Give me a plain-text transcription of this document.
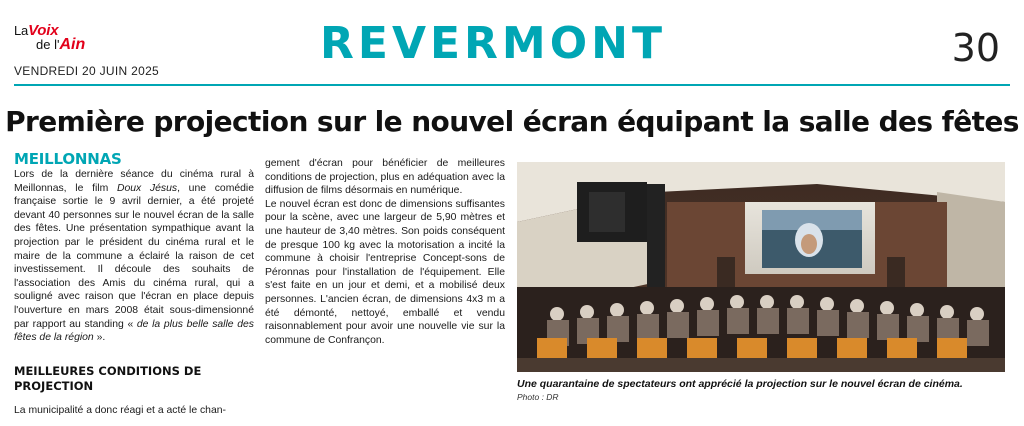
LaVoix
de l'Ain
VENDREDI 20 JUIN 2025
REVERMONT	30
Première projection sur le nouvel écran équipant la salle des fêtes
MEILLONNAS

Lors de la dernière séance du cinéma rural à Meillonnas, le film Doux Jésus, une comédie française sortie le 9 avril dernier, a été projeté devant 40 personnes sur le nouvel écran de la salle des fêtes. Une présentation sympathique avant la projection par le président du cinéma rural et le maire de la commune a éclairé la raison de cet investissement. Il découle des souhaits de l'association des Amis du cinéma rural, qui a souligné avec raison que l'écran en place depuis l'ouverture en mars 2008 était sous-dimensionné par rapport au standing « de la plus belle salle des fêtes de la région ».

MEILLEURES CONDITIONS DE PROJECTION
La municipalité a donc réagi et a acté le chan-

gement d'écran pour bénéficier de meilleures conditions de projection, plus en adéquation avec la diffusion de films désormais en numérique.

Le nouvel écran est donc de dimensions suffisantes pour la scène, avec une largeur de 5,90 mètres et une hauteur de 3,40 mètres. Son poids conséquent de presque 100 kg avec la motorisation a incité la commune à choisir l'entreprise Concept-sons de Péronnas pour l'installation de l'équipement. Elle s'est faite en un jour et demi, et a mobilisé deux personnes. L'ancien écran, de dimensions 4x3 m a été démonté, nettoyé, emballé et vendu raisonnablement pour avoir une nouvelle vie sur la commune de Confrançon.

Une quarantaine de spectateurs ont apprécié la projection sur le nouvel écran de cinéma.
Photo : DR
